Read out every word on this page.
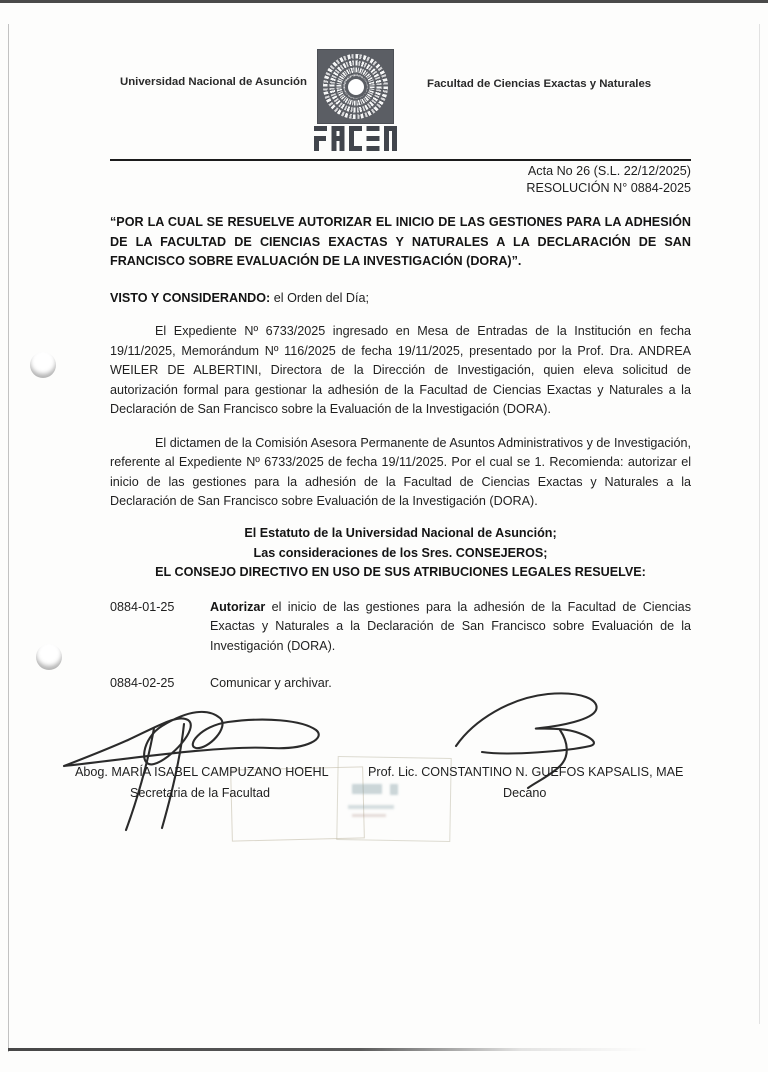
Universidad Nacional de Asunción	Facultad de Ciencias Exactas y Naturales
Acta No 26 (S.L. 22/12/2025)
RESOLUCIÓN N° 0884-2025
“POR LA CUAL SE RESUELVE AUTORIZAR EL INICIO DE LAS GESTIONES PARA LA ADHESIÓN DE LA FACULTAD DE CIENCIAS EXACTAS Y NATURALES A LA DECLARACIÓN DE SAN FRANCISCO SOBRE EVALUACIÓN DE LA INVESTIGACIÓN (DORA)”.
VISTO Y CONSIDERANDO: el Orden del Día;

El Expediente Nº 6733/2025 ingresado en Mesa de Entradas de la Institución en fecha 19/11/2025, Memorándum Nº 116/2025 de fecha 19/11/2025, presentado por la Prof. Dra. ANDREA WEILER DE ALBERTINI, Directora de la Dirección de Investigación, quien eleva solicitud de autorización formal para gestionar la adhesión de la Facultad de Ciencias Exactas y Naturales a la Declaración de San Francisco sobre la Evaluación de la Investigación (DORA).

El dictamen de la Comisión Asesora Permanente de Asuntos Administrativos y de Investigación, referente al Expediente Nº 6733/2025 de fecha 19/11/2025. Por el cual se 1. Recomienda: autorizar el inicio de las gestiones para la adhesión de la Facultad de Ciencias Exactas y Naturales a la Declaración de San Francisco sobre Evaluación de la Investigación (DORA).

El Estatuto de la Universidad Nacional de Asunción;
Las consideraciones de los Sres. CONSEJEROS;
EL CONSEJO DIRECTIVO EN USO DE SUS ATRIBUCIONES LEGALES RESUELVE:
0884-01-25	Autorizar el inicio de las gestiones para la adhesión de la Facultad de Ciencias Exactas y Naturales a la Declaración de San Francisco sobre Evaluación de la Investigación (DORA).
0884-02-25	Comunicar y archivar.
Abog. MARÍA ISABEL CAMPUZANO HOEHL	Prof. Lic. CONSTANTINO N. GUEFOS KAPSALIS, MAE
Secretaria de la Facultad	Decano
